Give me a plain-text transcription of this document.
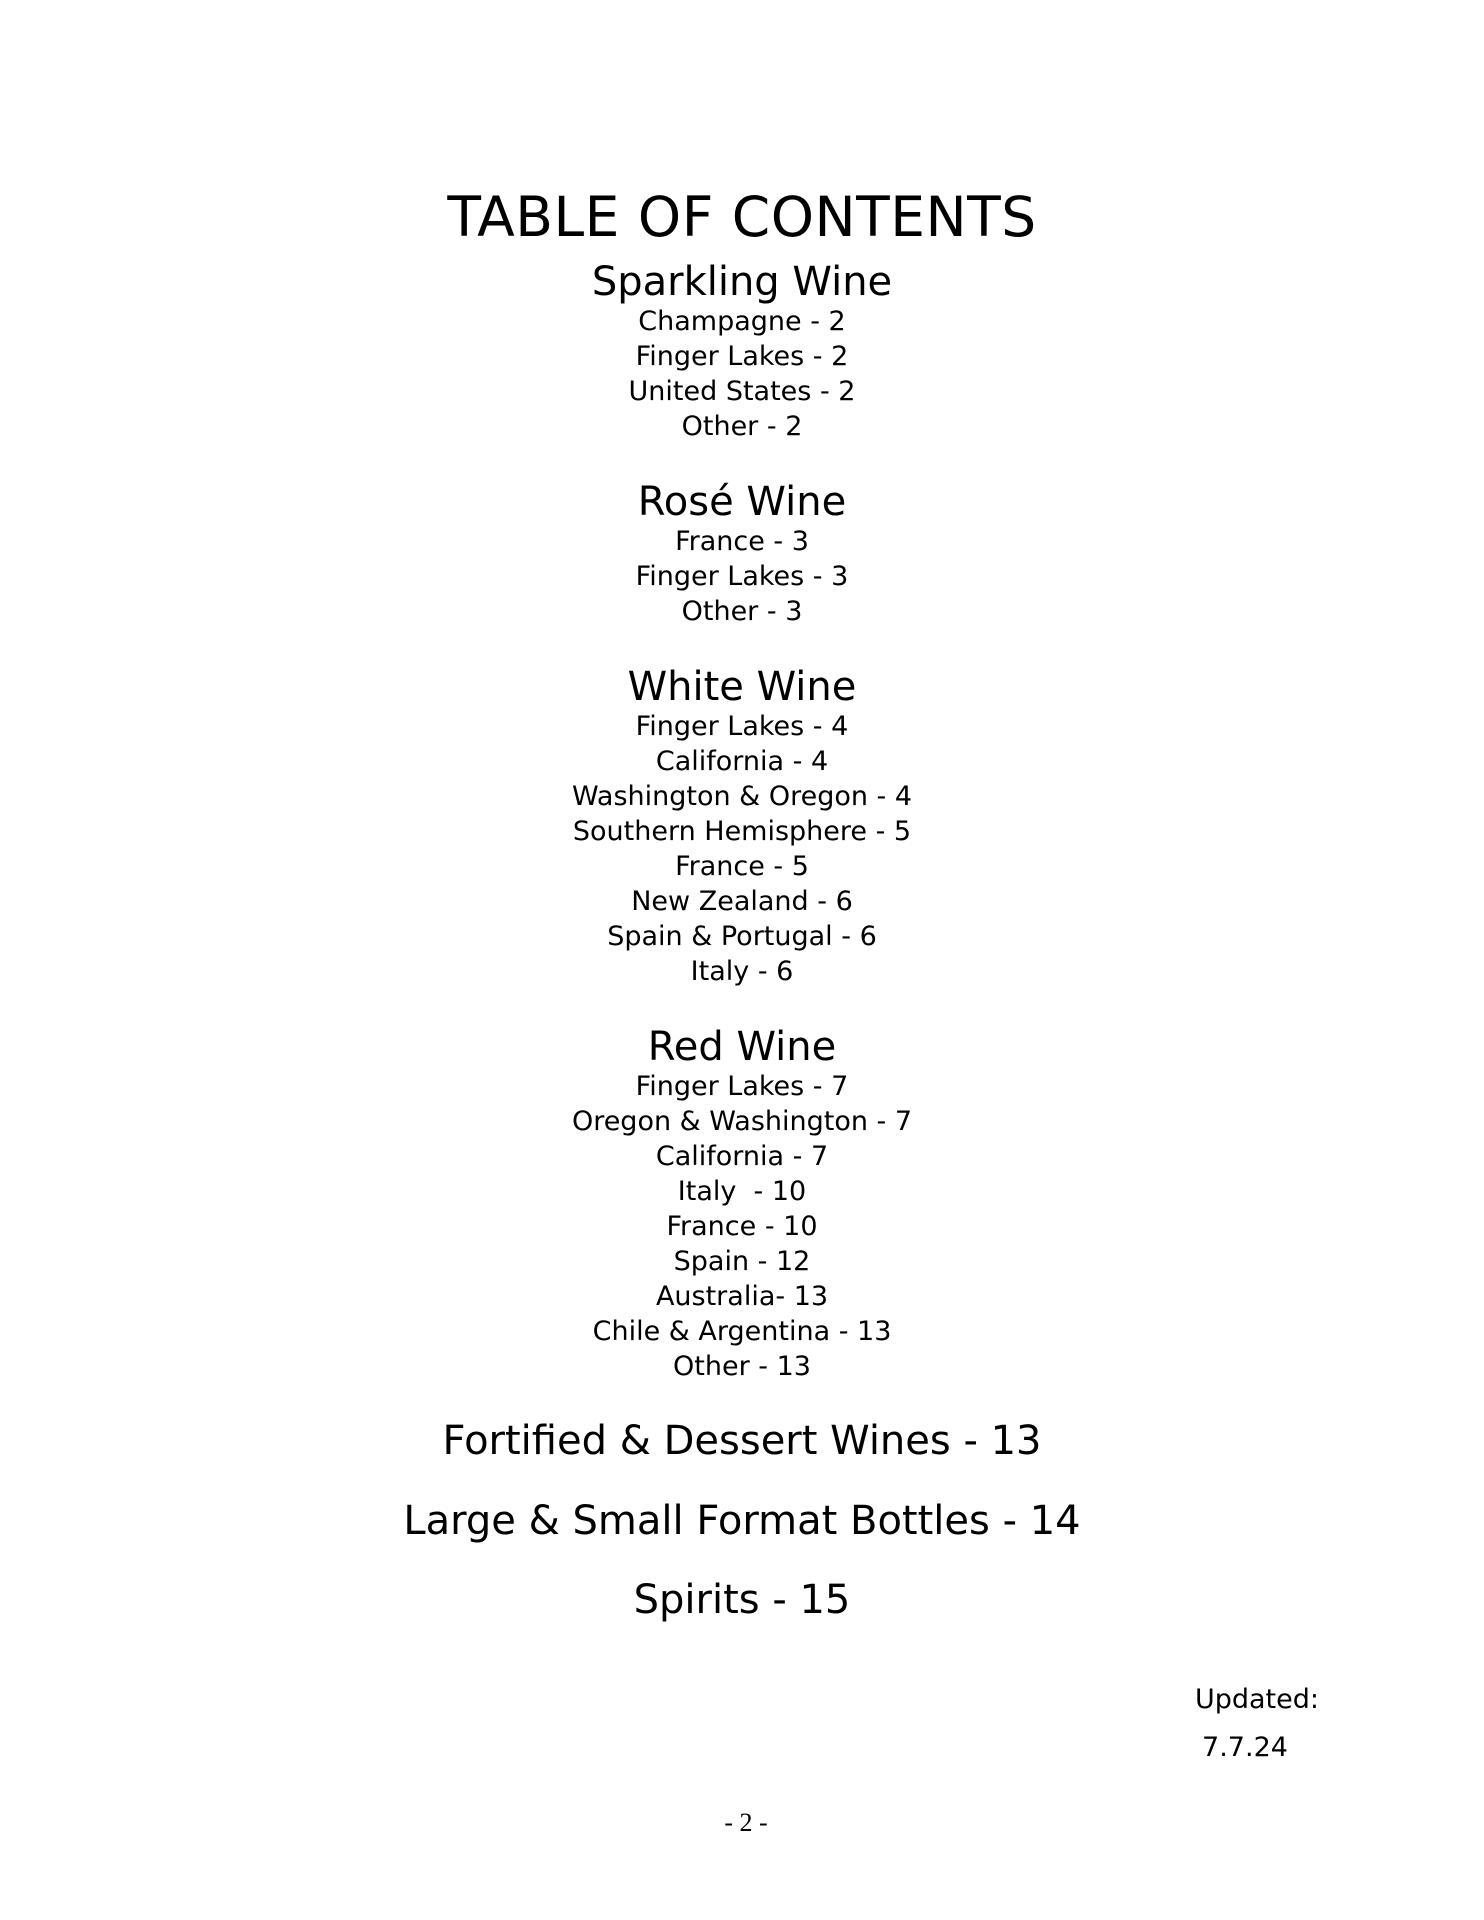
TABLE OF CONTENTS
Sparkling Wine
Champagne - 2
Finger Lakes - 2
United States - 2
Other - 2
Rosé Wine
France - 3
Finger Lakes - 3
Other - 3
White Wine
Finger Lakes - 4
California - 4
Washington & Oregon - 4
Southern Hemisphere - 5
France - 5
New Zealand - 6
Spain & Portugal - 6
Italy - 6
Red Wine
Finger Lakes - 7
Oregon & Washington - 7
California - 7
Italy  - 10
France - 10
Spain - 12
Australia- 13
Chile & Argentina - 13
Other - 13
Fortified & Dessert Wines - 13
Large & Small Format Bottles - 14
Spirits - 15
Updated:
7.7.24
- 2 -
